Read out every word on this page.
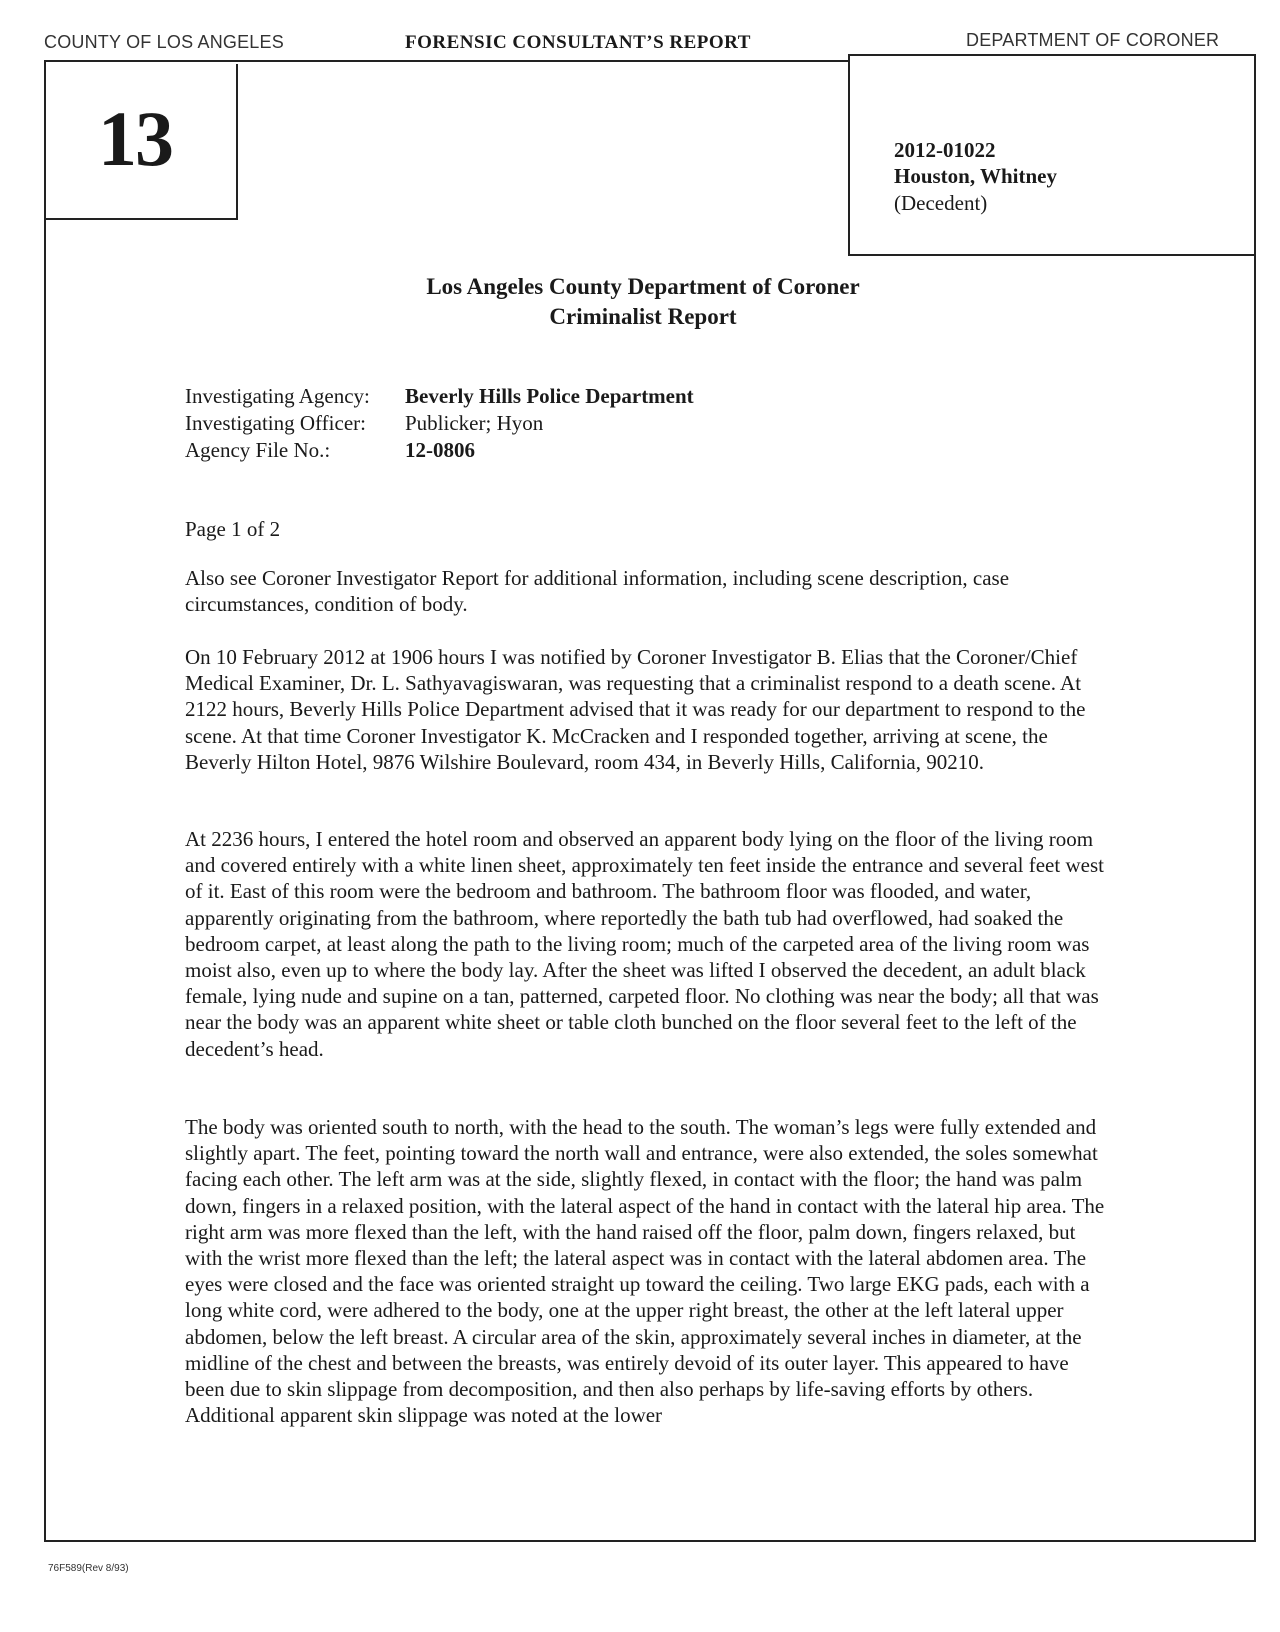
COUNTY OF LOS ANGELES	FORENSIC CONSULTANT’S REPORT	DEPARTMENT OF CORONER
13	2012-01022
Houston, Whitney
(Decedent)
Los Angeles County Department of Coroner
Criminalist Report
Investigating Agency: Beverly Hills Police Department
Investigating Officer: Publicker; Hyon
Agency File No.:	12-0806
Page 1 of 2

Also see Coroner Investigator Report for additional information, including scene description, case circumstances, condition of body.

On 10 February 2012 at 1906 hours I was notified by Coroner Investigator B. Elias that the Coroner/Chief Medical Examiner, Dr. L. Sathyavagiswaran, was requesting that a criminalist respond to a death scene. At 2122 hours, Beverly Hills Police Department advised that it was ready for our department to respond to the scene. At that time Coroner Investigator K. McCracken and I responded together, arriving at scene, the Beverly Hilton Hotel, 9876 Wilshire Boulevard, room 434, in Beverly Hills, California, 90210.

At 2236 hours, I entered the hotel room and observed an apparent body lying on the floor of the living room and covered entirely with a white linen sheet, approximately ten feet inside the entrance and several feet west of it. East of this room were the bedroom and bathroom. The bathroom floor was flooded, and water, apparently originating from the bathroom, where reportedly the bath tub had overflowed, had soaked the bedroom carpet, at least along the path to the living room; much of the carpeted area of the living room was moist also, even up to where the body lay. After the sheet was lifted I observed the decedent, an adult black female, lying nude and supine on a tan, patterned, carpeted floor. No clothing was near the body; all that was near the body was an apparent white sheet or table cloth bunched on the floor several feet to the left of the decedent’s head.

The body was oriented south to north, with the head to the south. The woman’s legs were fully extended and slightly apart. The feet, pointing toward the north wall and entrance, were also extended, the soles somewhat facing each other. The left arm was at the side, slightly flexed, in contact with the floor; the hand was palm down, fingers in a relaxed position, with the lateral aspect of the hand in contact with the lateral hip area. The right arm was more flexed than the left, with the hand raised off the floor, palm down, fingers relaxed, but with the wrist more flexed than the left; the lateral aspect was in contact with the lateral abdomen area. The eyes were closed and the face was oriented straight up toward the ceiling. Two large EKG pads, each with a long white cord, were adhered to the body, one at the upper right breast, the other at the left lateral upper abdomen, below the left breast. A circular area of the skin, approximately several inches in diameter, at the midline of the chest and between the breasts, was entirely devoid of its outer layer. This appeared to have been due to skin slippage from decomposition, and then also perhaps by life-saving efforts by others. Additional apparent skin slippage was noted at the lower

76F589(Rev 8/93)
